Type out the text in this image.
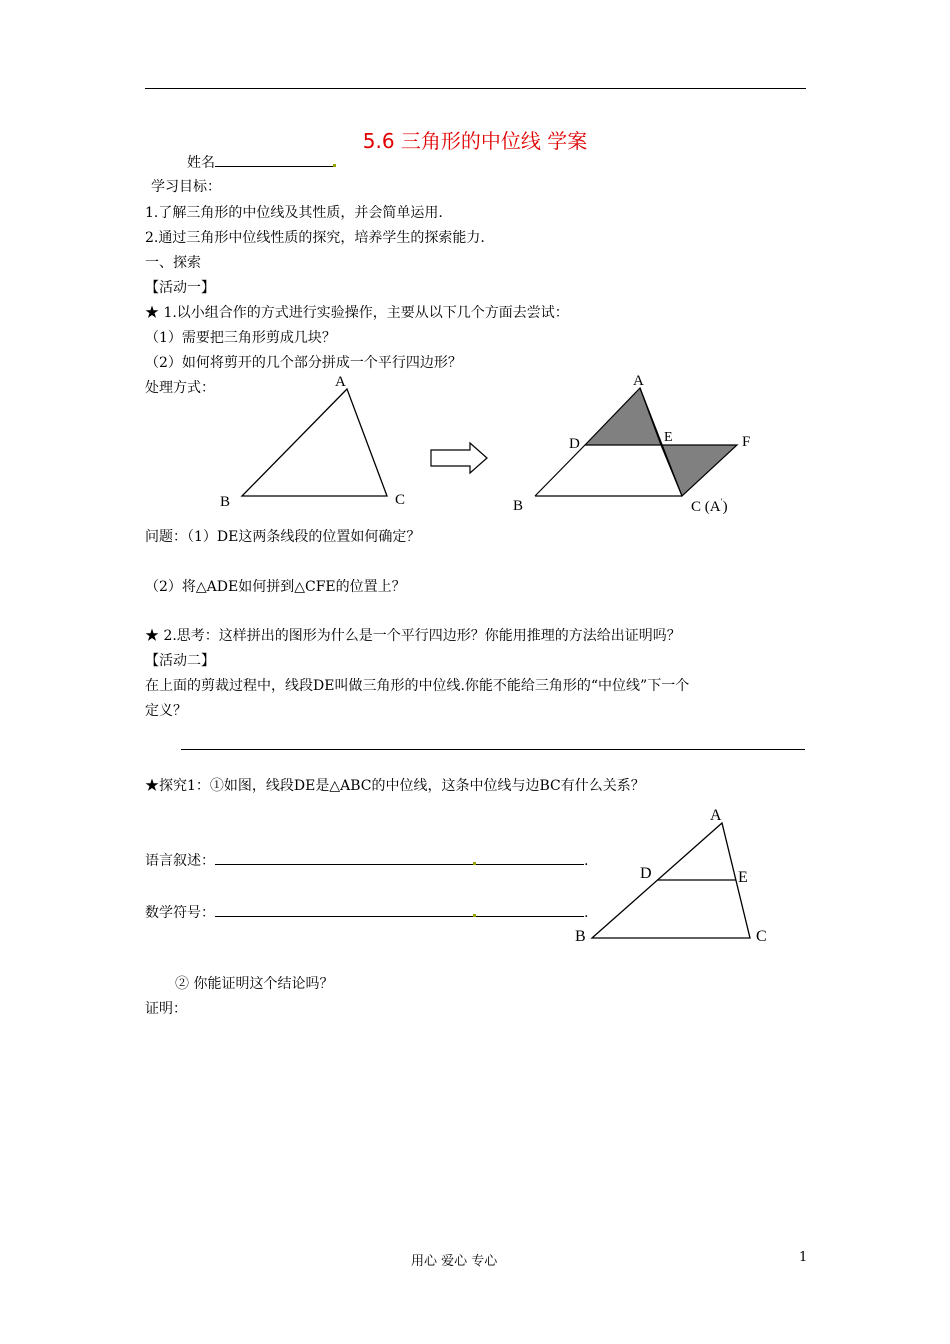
5.6 三角形的中位线 学案
姓名
学习目标：
1.了解三角形的中位线及其性质，并会简单运用.
2.通过三角形中位线性质的探究，培养学生的探索能力.
一、探索
【活动一】
★ 1.以小组合作的方式进行实验操作，主要从以下几个方面去尝试：
（1）需要把三角形剪成几块？
（2）如何将剪开的几个部分拼成一个平行四边形？
处理方式：	A
B	C
A
D	E	F
B	C (A′)
A
D	E
B	C
问题：（1）DE这两条线段的位置如何确定？
（2）将△ADE如何拼到△CFE的位置上？
★ 2.思考：这样拼出的图形为什么是一个平行四边形？你能用推理的方法给出证明吗？
【活动二】
在上面的剪裁过程中，线段DE叫做三角形的中位线.你能不能给三角形的“中位线”下一个
定义？
★探究1：①如图，线段DE是△ABC的中位线，这条中位线与边BC有什么关系？
语言叙述：	.
数学符号：	.
② 你能证明这个结论吗？
证明：
用心 爱心 专心	1
